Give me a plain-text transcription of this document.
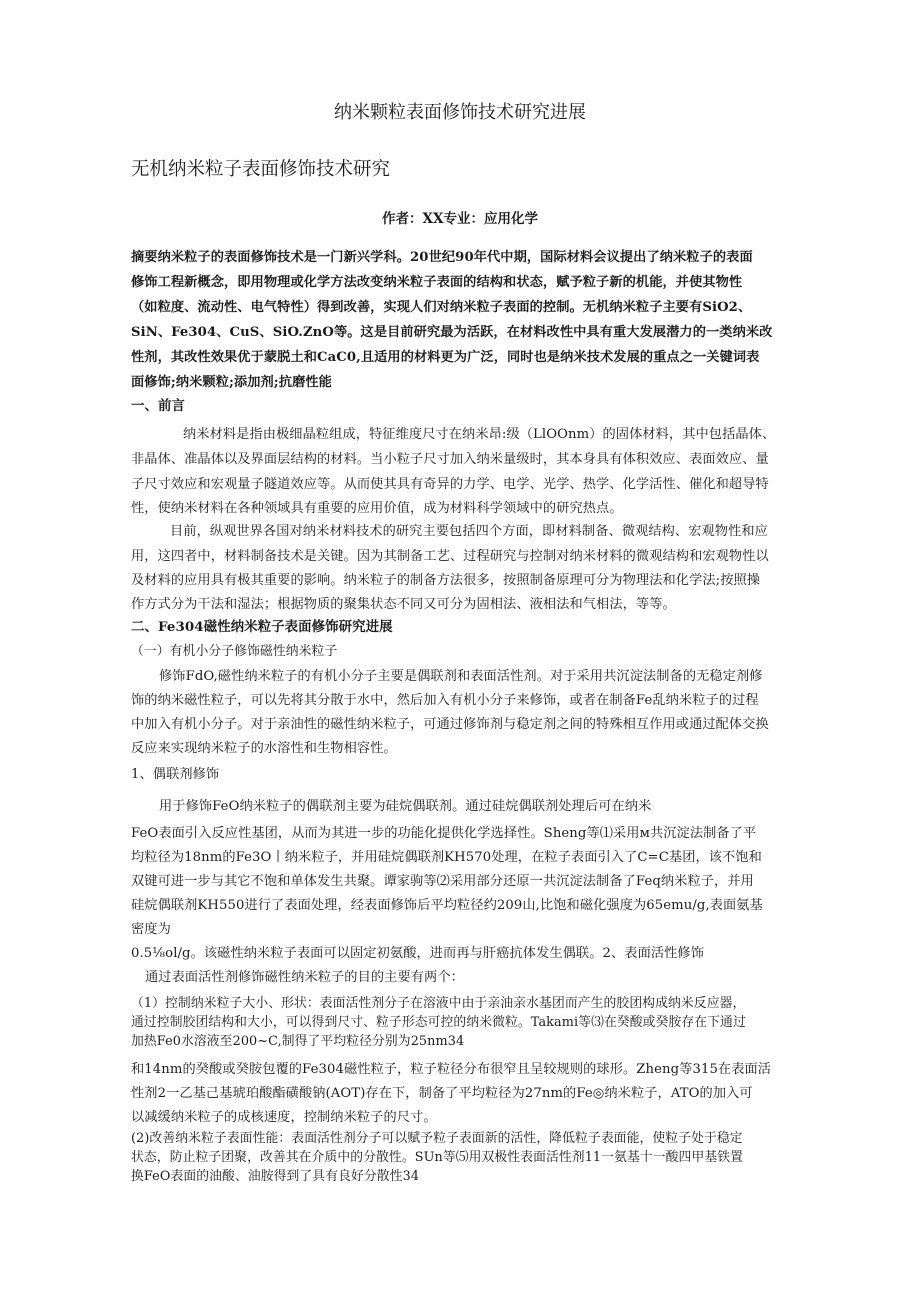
纳米颗粒表面修饰技术研究进展
无机纳米粒子表面修饰技术研究
作者：XX专业：应用化学
摘要纳米粒子的表面修饰技术是一门新兴学科。20世纪90年代中期，国际材料会议提出了纳米粒子的表面
修饰工程新概念，即用物理或化学方法改变纳米粒子表面的结构和状态，赋予粒子新的机能，并使其物性
（如粒度、流动性、电气特性）得到改善，实现人们对纳米粒子表面的控制。无机纳米粒子主要有SiO2、
SiN、Fe304、CuS、SiO.ZnO等。这是目前研究最为活跃，在材料改性中具有重大发展潜力的一类纳米改
性剂，其改性效果优于蒙脱土和CaC0,且适用的材料更为广泛，同时也是纳米技术发展的重点之一关键词表
面修饰;纳米颗粒;添加剂;抗磨性能
一、前言
纳米材料是指由极细晶粒组成，特征维度尺寸在纳米昂:级（LlOOnm）的固体材料，其中包括晶体、
非晶体、准晶体以及界面层结构的材料。当小粒子尺寸加入纳米量级时，其本身具有体积效应、表面效应、量
子尺寸效应和宏观量子隧道效应等。从而使其具有奇异的力学、电学、光学、热学、化学活性、催化和超导特
性，使纳米材料在各种领域具有重要的应用价值，成为材料科学领域中的研究热点。
目前，纵观世界各国对纳米材料技术的研究主要包括四个方面，即材料制备、微观结构、宏观物性和应
用，这四者中，材料制备技术是关键。因为其制备工艺、过程研究与控制对纳米材料的微观结构和宏观物性以
及材料的应用具有极其重要的影响。纳米粒子的制备方法很多，按照制备原理可分为物理法和化学法;按照操
作方式分为干法和湿法；根据物质的聚集状态不同又可分为固相法、液相法和气相法，等等。
二、Fe304磁性纳米粒子表面修饰研究进展
（一）有机小分子修饰磁性纳米粒子
修饰FdO,磁性纳米粒子的有机小分子主要是偶联剂和表面活性剂。对于采用共沉淀法制备的无稳定剂修
饰的纳米磁性粒子，可以先将其分散于水中，然后加入有机小分子来修饰，或者在制备Fe乱纳米粒子的过程
中加入有机小分子。对于亲油性的磁性纳米粒子，可通过修饰剂与稳定剂之间的特殊相互作用或通过配体交换
反应来实现纳米粒子的水溶性和生物相容性。
1、偶联剂修饰
用于修饰FeO纳米粒子的偶联剂主要为硅烷偶联剂。通过硅烷偶联剂处理后可在纳米
FeO表面引入反应性基团，从而为其进一步的功能化提供化学选择性。Sheng等⑴采用м共沉淀法制备了平
均粒径为18nm的Fe3O丨纳米粒子，并用硅烷偶联剂KH570处理，在粒子表面引入了C=C基团，该不饱和
双键可进一步与其它不饱和单体发生共聚。谭家驹等⑵采用部分还原一共沉淀法制备了Feq纳米粒子，并用
硅烷偶联剂KH550进行了表面处理，经表面修饰后平均粒径约209山,比饱和磁化强度为65emu∕g,表面氨基
密度为
0.5⅛ol∕g。该磁性纳米粒子表面可以固定初氨酸，进而再与肝癌抗体发生偶联。2、表面活性修饰
通过表面活性剂修饰磁性纳米粒子的目的主要有两个：
（1）控制纳米粒子大小、形状：表面活性剂分子在溶液中由于亲油亲水基团而产生的胶团构成纳米反应器，
通过控制胶团结构和大小，可以得到尺寸、粒子形态可控的纳米微粒。Takami等⑶在癸酸或癸胺存在下通过
加热Fe0水溶液至200~C,制得了平均粒径分别为25nm34
和14nm的癸酸或癸胺包覆的Fe304磁性粒子，粒子粒径分布很窄且呈较规则的球形。Zheng等315在表面活
性剂2一乙基己基琥珀酸酯磺酸钠(AOT)存在下，制备了平均粒径为27nm的Fe◎纳米粒子，ATO的加入可
以减缓纳米粒子的成核速度，控制纳米粒子的尺寸。
(2)改善纳米粒子表面性能：表面活性剂分子可以赋予粒子表面新的活性，降低粒子表面能，使粒子处于稳定
状态，防止粒子团聚，改善其在介质中的分散性。SUn等⑸用双极性表面活性剂11一氨基十一酸四甲基铁置
换FeO表面的油酸、油胺得到了具有良好分散性34
